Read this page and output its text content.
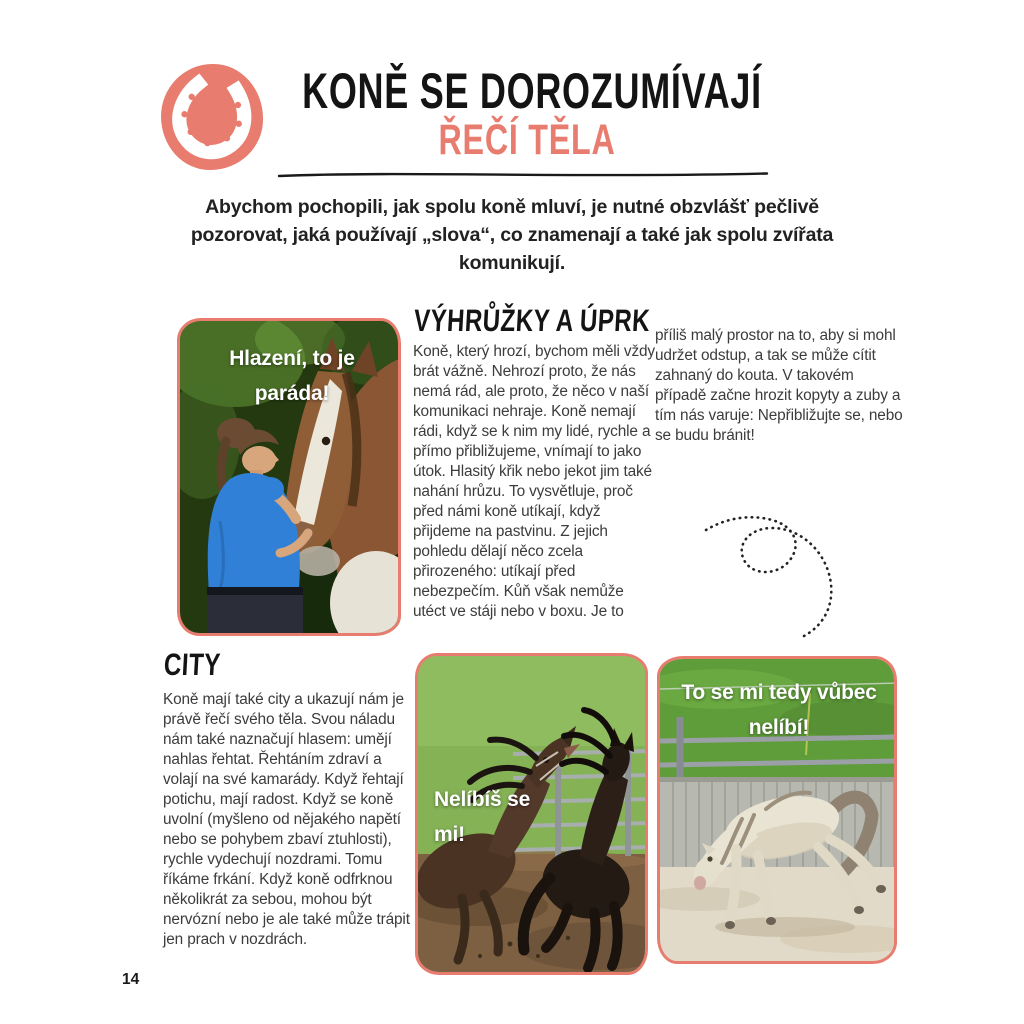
KONĚ SE DOROZUMÍVAJÍ
ŘEČÍ TĚLA

Abychom pochopili, jak spolu koně mluví, je nutné obzvlášť pečlivě pozorovat, jaká používají „slova“, co znamenají a také jak spolu zvířata komunikují.

Hlazení, to je paráda!
VÝHRŮŽKY A ÚPRK

Koně, který hrozí, bychom měli vždy brát vážně. Nehrozí proto, že nás nemá rád, ale proto, že něco v naší komunikaci nehraje. Koně nemají rádi, když se k nim my lidé, rychle a přímo přibližujeme, vnímají to jako útok. Hlasitý křik nebo jekot jim také nahání hrůzu. To vysvětluje, proč před námi koně utíkají, když přijdeme na pastvinu. Z jejich pohledu dělají něco zcela přirozeného: utíkají před nebezpečím. Kůň však nemůže utéct ve stáji nebo v boxu. Je to

příliš malý prostor na to, aby si mohl udržet odstup, a tak se může cítit zahnaný do kouta. V takovém případě začne hrozit kopyty a zuby a tím nás varuje: Nepřibližujte se, nebo se budu bránit!

CITY

Koně mají také city a ukazují nám je právě řečí svého těla. Svou náladu nám také naznačují hlasem: umějí nahlas řehtat. Řehtáním zdraví a volají na své kamarády. Když řehtají potichu, mají radost. Když se koně uvolní (myšleno od nějakého napětí nebo se pohybem zbaví ztuhlosti), rychle vydechují nozdrami. Tomu říkáme frkání. Když koně odfrknou několikrát za sebou, mohou být nervózní nebo je ale také může trápit jen prach v nozdrách.

Nelíbíš se mi!
To se mi tedy vůbec nelíbí!
14
